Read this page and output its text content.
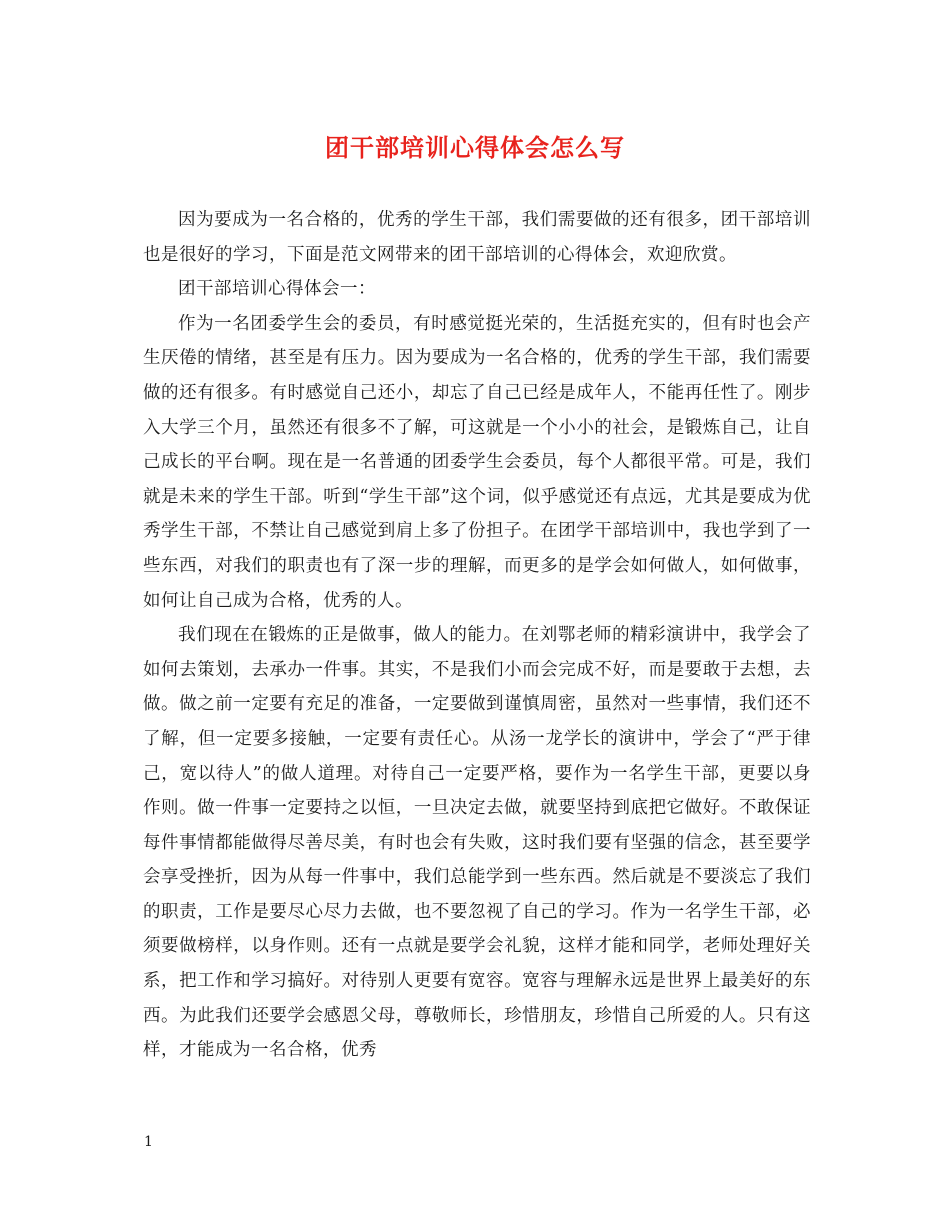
团干部培训心得体会怎么写

因为要成为一名合格的，优秀的学生干部，我们需要做的还有很多，团干部培训也是很好的学习，下面是范文网带来的团干部培训的心得体会，欢迎欣赏。

团干部培训心得体会一：

作为一名团委学生会的委员，有时感觉挺光荣的，生活挺充实的，但有时也会产生厌倦的情绪，甚至是有压力。因为要成为一名合格的，优秀的学生干部，我们需要做的还有很多。有时感觉自己还小，却忘了自己已经是成年人，不能再任性了。刚步入大学三个月，虽然还有很多不了解，可这就是一个小小的社会，是锻炼自己，让自己成长的平台啊。现在是一名普通的团委学生会委员，每个人都很平常。可是，我们就是未来的学生干部。听到“学生干部”这个词，似乎感觉还有点远，尤其是要成为优秀学生干部，不禁让自己感觉到肩上多了份担子。在团学干部培训中，我也学到了一些东西，对我们的职责也有了深一步的理解，而更多的是学会如何做人，如何做事，如何让自己成为合格，优秀的人。

我们现在在锻炼的正是做事，做人的能力。在刘鄂老师的精彩演讲中，我学会了如何去策划，去承办一件事。其实，不是我们小而会完成不好，而是要敢于去想，去做。做之前一定要有充足的准备，一定要做到谨慎周密，虽然对一些事情，我们还不了解，但一定要多接触，一定要有责任心。从汤一龙学长的演讲中，学会了“严于律己，宽以待人”的做人道理。对待自己一定要严格，要作为一名学生干部，更要以身作则。做一件事一定要持之以恒，一旦决定去做，就要坚持到底把它做好。不敢保证每件事情都能做得尽善尽美，有时也会有失败，这时我们要有坚强的信念，甚至要学会享受挫折，因为从每一件事中，我们总能学到一些东西。然后就是不要淡忘了我们的职责，工作是要尽心尽力去做，也不要忽视了自己的学习。作为一名学生干部，必须要做榜样，以身作则。还有一点就是要学会礼貌，这样才能和同学，老师处理好关系，把工作和学习搞好。对待别人更要有宽容。宽容与理解永远是世界上最美好的东西。为此我们还要学会感恩父母，尊敬师长，珍惜朋友，珍惜自己所爱的人。只有这样，才能成为一名合格，优秀

1
